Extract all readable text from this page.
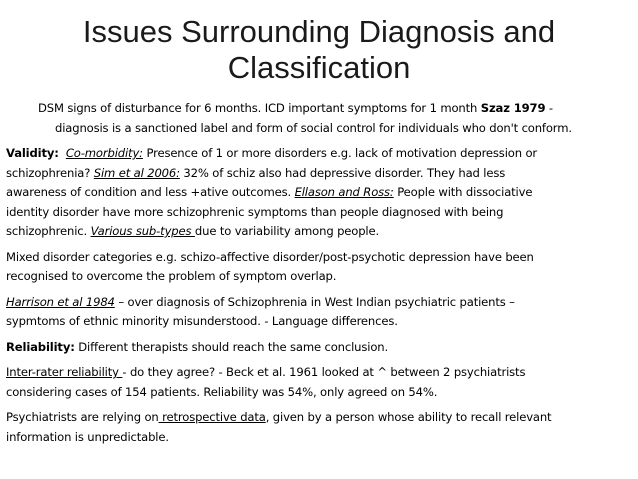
Issues Surrounding Diagnosis and
Classification
DSM signs of disturbance for 6 months. ICD important symptoms for 1 month Szaz 1979 -
diagnosis is a sanctioned label and form of social control for individuals who don't conform.
Validity: Co-morbidity: Presence of 1 or more disorders e.g. lack of motivation depression or
schizophrenia? Sim et al 2006: 32% of schiz also had depressive disorder. They had less
awareness of condition and less +ative outcomes. Ellason and Ross: People with dissociative
identity disorder have more schizophrenic symptoms than people diagnosed with being
schizophrenic. Various sub-types due to variability among people.
Mixed disorder categories e.g. schizo-affective disorder/post-psychotic depression have been
recognised to overcome the problem of symptom overlap.
Harrison et al 1984 – over diagnosis of Schizophrenia in West Indian psychiatric patients –
sypmtoms of ethnic minority misunderstood. - Language differences.
Reliability: Different therapists should reach the same conclusion.
Inter-rater reliability - do they agree? - Beck et al. 1961 looked at ^ between 2 psychiatrists
considering cases of 154 patients. Reliability was 54%, only agreed on 54%.
Psychiatrists are relying on retrospective data, given by a person whose ability to recall relevant
information is unpredictable.
